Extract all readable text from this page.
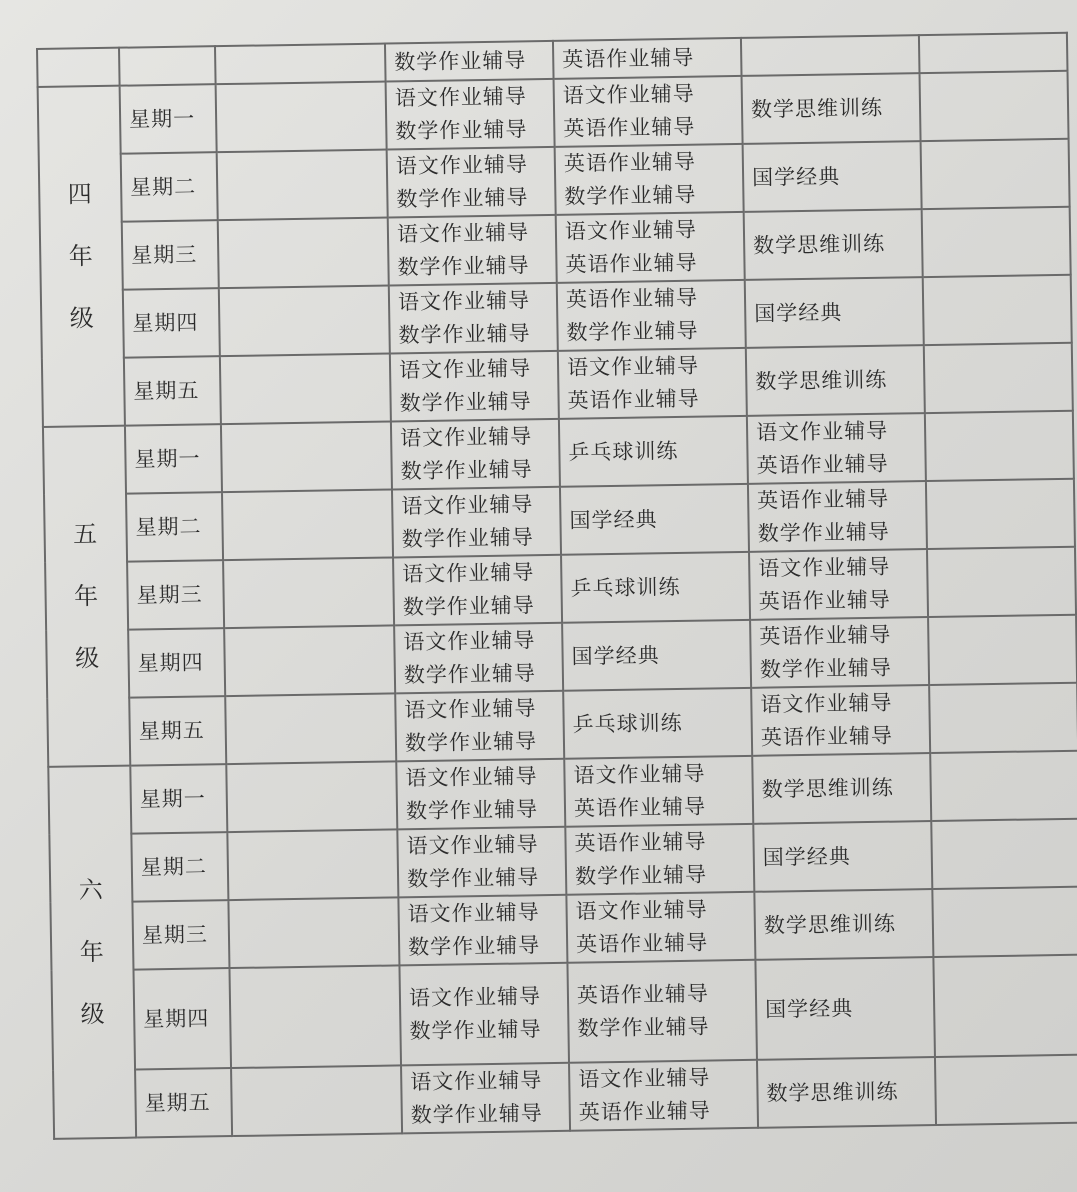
			数学作业辅导	英语作业辅导		

四
年
级	星期一		语文作业辅导
数学作业辅导	语文作业辅导
英语作业辅导	数学思维训练	

	星期二		语文作业辅导
数学作业辅导	英语作业辅导
数学作业辅导	国学经典	

	星期三		语文作业辅导
数学作业辅导	语文作业辅导
英语作业辅导	数学思维训练	

	星期四		语文作业辅导
数学作业辅导	英语作业辅导
数学作业辅导	国学经典	

	星期五		语文作业辅导
数学作业辅导	语文作业辅导
英语作业辅导	数学思维训练	

五
年
级	星期一		语文作业辅导
数学作业辅导	乒乓球训练	语文作业辅导
英语作业辅导	

	星期二		语文作业辅导
数学作业辅导	国学经典	英语作业辅导
数学作业辅导	

	星期三		语文作业辅导
数学作业辅导	乒乓球训练	语文作业辅导
英语作业辅导	

	星期四		语文作业辅导
数学作业辅导	国学经典	英语作业辅导
数学作业辅导	

	星期五		语文作业辅导
数学作业辅导	乒乓球训练	语文作业辅导
英语作业辅导	

六
年
级	星期一		语文作业辅导
数学作业辅导	语文作业辅导
英语作业辅导	数学思维训练	

	星期二		语文作业辅导
数学作业辅导	英语作业辅导
数学作业辅导	国学经典	

	星期三		语文作业辅导
数学作业辅导	语文作业辅导
英语作业辅导	数学思维训练	

	星期四		语文作业辅导
数学作业辅导	英语作业辅导
数学作业辅导	国学经典	

	星期五		语文作业辅导
数学作业辅导	语文作业辅导
英语作业辅导	数学思维训练	
